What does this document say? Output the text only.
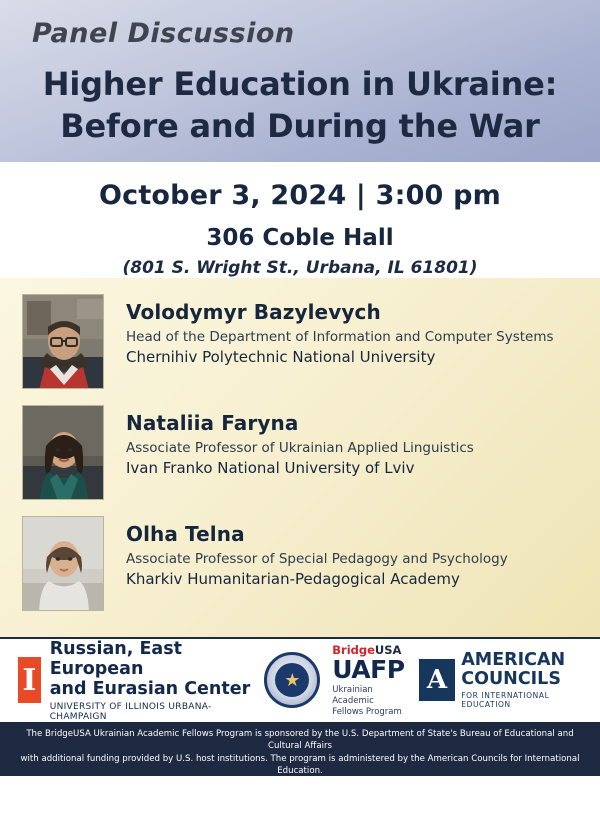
Panel Discussion
Higher Education in Ukraine:
Before and During the War
October 3, 2024 | 3:00 pm
306 Coble Hall
(801 S. Wright St., Urbana, IL 61801)
Volodymyr Bazylevych
Head of the Department of Information and Computer Systems
Chernihiv Polytechnic National University
Nataliia Faryna
Associate Professor of Ukrainian Applied Linguistics
Ivan Franko National University of Lviv
Olha Telna
Associate Professor of Special Pedagogy and Psychology
Kharkiv Humanitarian-Pedagogical Academy
I
Russian, East European
and Eurasian Center
UNIVERSITY OF ILLINOIS URBANA-CHAMPAIGN
★
BridgeUSA
UAFP
Ukrainian Academic
Fellows Program
A
AMERICAN
COUNCILS
FOR INTERNATIONAL EDUCATION
The BridgeUSA Ukrainian Academic Fellows Program is sponsored by the U.S. Department of State's Bureau of Educational and Cultural Affairs
with additional funding provided by U.S. host institutions. The program is administered by the American Councils for International Education.
The Illinois cohort of BridgeUSA Scholars is sponsored in part by the Illinois Scholars at Risk program and the Russian, East European, and
Eurasian Center.
